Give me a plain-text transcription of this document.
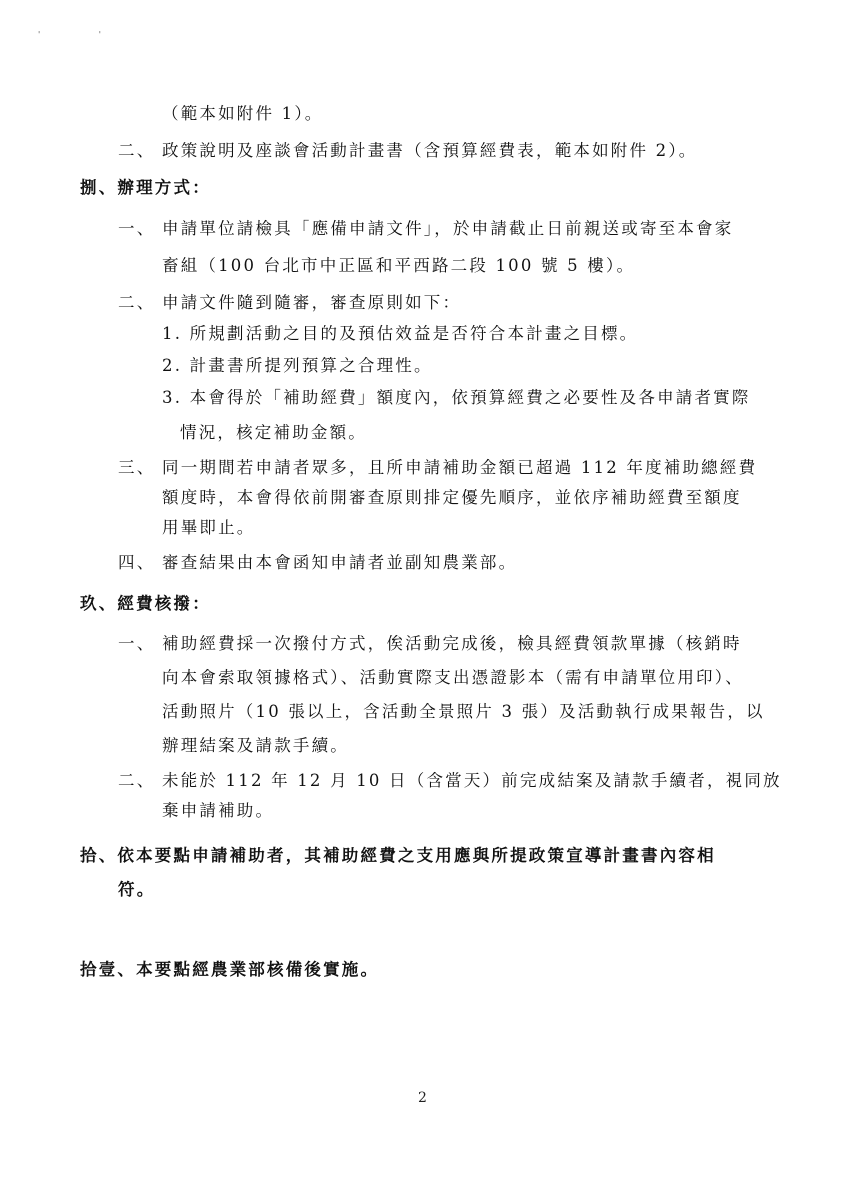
' '
（範本如附件 1）。
二、 政策說明及座談會活動計畫書（含預算經費表，範本如附件 2）。
捌、辦理方式：
一、 申請單位請檢具「應備申請文件」，於申請截止日前親送或寄至本會家
畜組（100 台北市中正區和平西路二段 100 號 5 樓）。
二、 申請文件隨到隨審，審查原則如下：
1. 所規劃活動之目的及預估效益是否符合本計畫之目標。
2. 計畫書所提列預算之合理性。
3. 本會得於「補助經費」額度內，依預算經費之必要性及各申請者實際
情況，核定補助金額。
三、 同一期間若申請者眾多，且所申請補助金額已超過 112 年度補助總經費
額度時，本會得依前開審查原則排定優先順序，並依序補助經費至額度
用畢即止。
四、 審查結果由本會函知申請者並副知農業部。
玖、經費核撥：
一、 補助經費採一次撥付方式，俟活動完成後，檢具經費領款單據（核銷時
向本會索取領據格式）、活動實際支出憑證影本（需有申請單位用印）、
活動照片（10 張以上，含活動全景照片 3 張）及活動執行成果報告，以
辦理結案及請款手續。
二、 未能於 112 年 12 月 10 日（含當天）前完成結案及請款手續者，視同放
棄申請補助。
拾、依本要點申請補助者，其補助經費之支用應與所提政策宣導計畫書內容相
符。
拾壹、本要點經農業部核備後實施。
2
